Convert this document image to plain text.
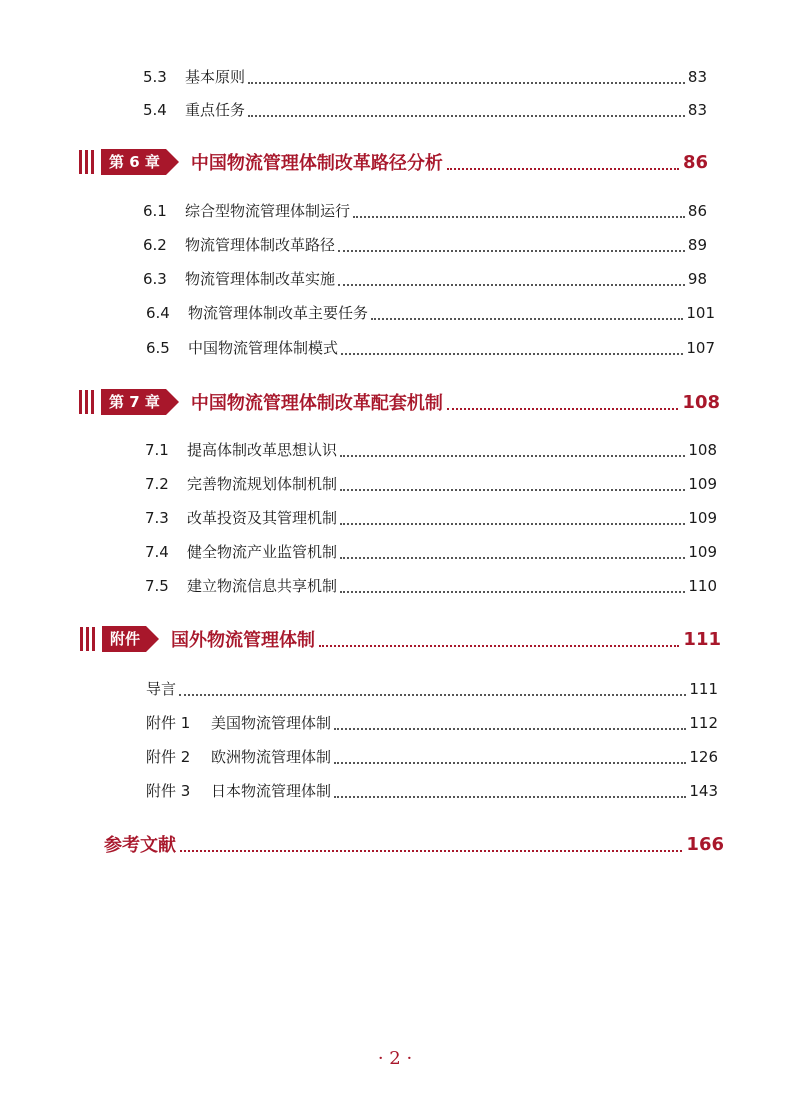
5.3	基本原则	83
5.4	重点任务	83
第 6 章	中国物流管理体制改革路径分析	86
6.1	综合型物流管理体制运行	86
6.2	物流管理体制改革路径	89
6.3	物流管理体制改革实施	98
6.4	物流管理体制改革主要任务	101
6.5	中国物流管理体制模式	107
第 7 章	中国物流管理体制改革配套机制	108
7.1	提高体制改革思想认识	108
7.2	完善物流规划体制机制	109
7.3	改革投资及其管理机制	109
7.4	健全物流产业监管机制	109
7.5	建立物流信息共享机制	110
附件	国外物流管理体制	111
导言	111
附件 1	美国物流管理体制	112
附件 2	欧洲物流管理体制	126
附件 3	日本物流管理体制	143
参考文献	166
· 2 ·
